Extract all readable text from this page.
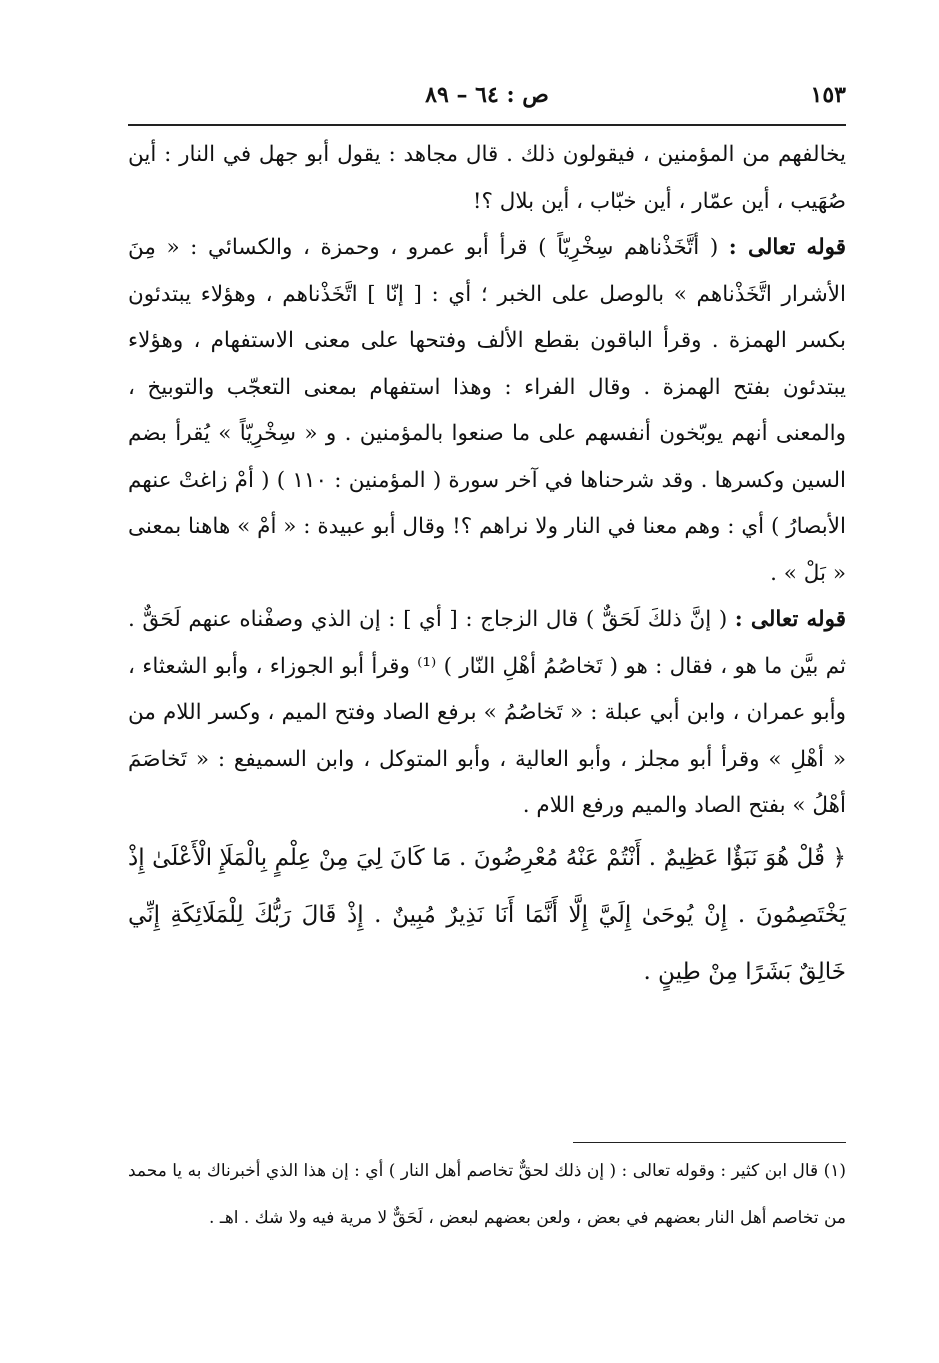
١٥٣
ص : ٦٤ – ٨٩

يخالفهم من المؤمنين ، فيقولون ذلك . قال مجاهد : يقول أبو جهل في النار : أين صُهَيب ، أين عمّار ، أين خبّاب ، أين بلال ؟!

قوله تعالى : ( أتَّخَذْناهم سِخْرِيّاً ) قرأ أبو عمرو ، وحمزة ، والكسائي : « مِنَ الأشرار اتَّخَذْناهم » بالوصل على الخبر ؛ أي : [ إنّا ] اتَّخَذْناهم ، وهؤلاء يبتدئون بكسر الهمزة . وقرأ الباقون بقطع الألف وفتحها على معنى الاستفهام ، وهؤلاء يبتدئون بفتح الهمزة . وقال الفراء : وهذا استفهام بمعنى التعجّب والتوبيخ ، والمعنى أنهم يوبّخون أنفسهم على ما صنعوا بالمؤمنين . و « سِخْرِيّاً » يُقرأ بضم السين وكسرها . وقد شرحناها في آخر سورة ( المؤمنين : ١١٠ ) ( أمْ زاغتْ عنهم الأبصارُ ) أي : وهم معنا في النار ولا نراهم ؟! وقال أبو عبيدة : « أمْ » هاهنا بمعنى « بَلْ » .

قوله تعالى : ( إنَّ ذلكَ لَحَقٌّ ) قال الزجاج : [ أي ] : إن الذي وصفْناه عنهم لَحَقٌّ . ثم بيَّن ما هو ، فقال : هو ( تَخاصُمُ أهْلِ النّار ) ⁽¹⁾ وقرأ أبو الجوزاء ، وأبو الشعثاء ، وأبو عمران ، وابن أبي عبلة : « تَخاصُمُ » برفع الصاد وفتح الميم ، وكسر اللام من « أهْلِ » وقرأ أبو مجلز ، وأبو العالية ، وأبو المتوكل ، وابن السميفع : « تَخاصَمَ أهْلُ » بفتح الصاد والميم ورفع اللام .

﴿ قُلْ هُوَ نَبَؤٌا عَظِيمٌ . أَنْتُمْ عَنْهُ مُعْرِضُونَ . مَا كَانَ لِيَ مِنْ عِلْمٍ بِالْمَلَإِ الْأَعْلَىٰ إِذْ يَخْتَصِمُونَ . إِنْ يُوحَىٰ إِلَيَّ إِلَّا أَنَّمَا أَنَا نَذِيرٌ مُبِينٌ . إِذْ قَالَ رَبُّكَ لِلْمَلَائِكَةِ إِنِّي خَالِقٌ بَشَرًا مِنْ طِينٍ .

(١) قال ابن كثير : وقوله تعالى : ( إن ذلك لحقٌّ تخاصم أهل النار ) أي : إن هذا الذي أخبرناك به يا محمد من تخاصم أهل النار بعضهم في بعض ، ولعن بعضهم لبعض ، لَحَقٌّ لا مرية فيه ولا شك . اهـ .
